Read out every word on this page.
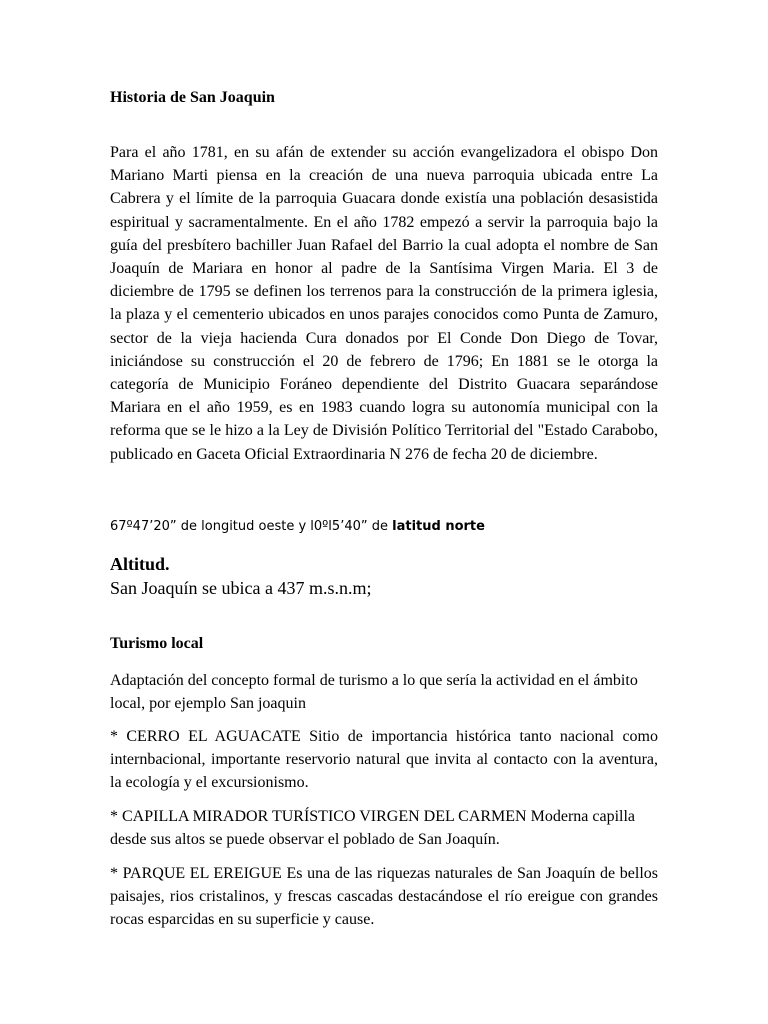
Historia de San Joaquin

Para el año 1781, en su afán de extender su acción evangelizadora el obispo Don Mariano Marti piensa en la creación de una nueva parroquia ubicada entre La Cabrera y el límite de la parroquia Guacara donde existía una población desasistida espiritual y sacramentalmente. En el año 1782 empezó a servir la parroquia bajo la guía del presbítero bachiller Juan Rafael del Barrio la cual adopta el nombre de San Joaquín de Mariara en honor al padre de la Santísima Virgen Maria. El 3 de diciembre de 1795 se definen los terrenos para la construcción de la primera iglesia, la plaza y el cementerio ubicados en unos parajes conocidos como Punta de Zamuro, sector de la vieja hacienda Cura donados por El Conde Don Diego de Tovar, iniciándose su construcción el 20 de febrero de 1796; En 1881 se le otorga la categoría de Municipio Foráneo dependiente del Distrito Guacara separándose Mariara en el año 1959, es en 1983 cuando logra su autonomía municipal con la reforma que se le hizo a la Ley de División Político Territorial del "Estado Carabobo, publicado en Gaceta Oficial Extraordinaria N 276 de fecha 20 de diciembre.

67º47’20” de longitud oeste y l0ºl5’40” de latitud norte
Altitud.
San Joaquín se ubica a 437 m.s.n.m;
Turismo local

Adaptación del concepto formal de turismo a lo que sería la actividad en el ámbito local, por ejemplo San joaquin

* CERRO EL AGUACATE Sitio de importancia histórica tanto nacional como internbacional, importante reservorio natural que invita al contacto con la aventura, la ecología y el excursionismo.

* CAPILLA MIRADOR TURÍSTICO VIRGEN DEL CARMEN Moderna capilla desde sus altos se puede observar el poblado de San Joaquín.

* PARQUE EL EREIGUE Es una de las riquezas naturales de San Joaquín de bellos paisajes, rios cristalinos, y frescas cascadas destacándose el río ereigue con grandes rocas esparcidas en su superficie y cause.
